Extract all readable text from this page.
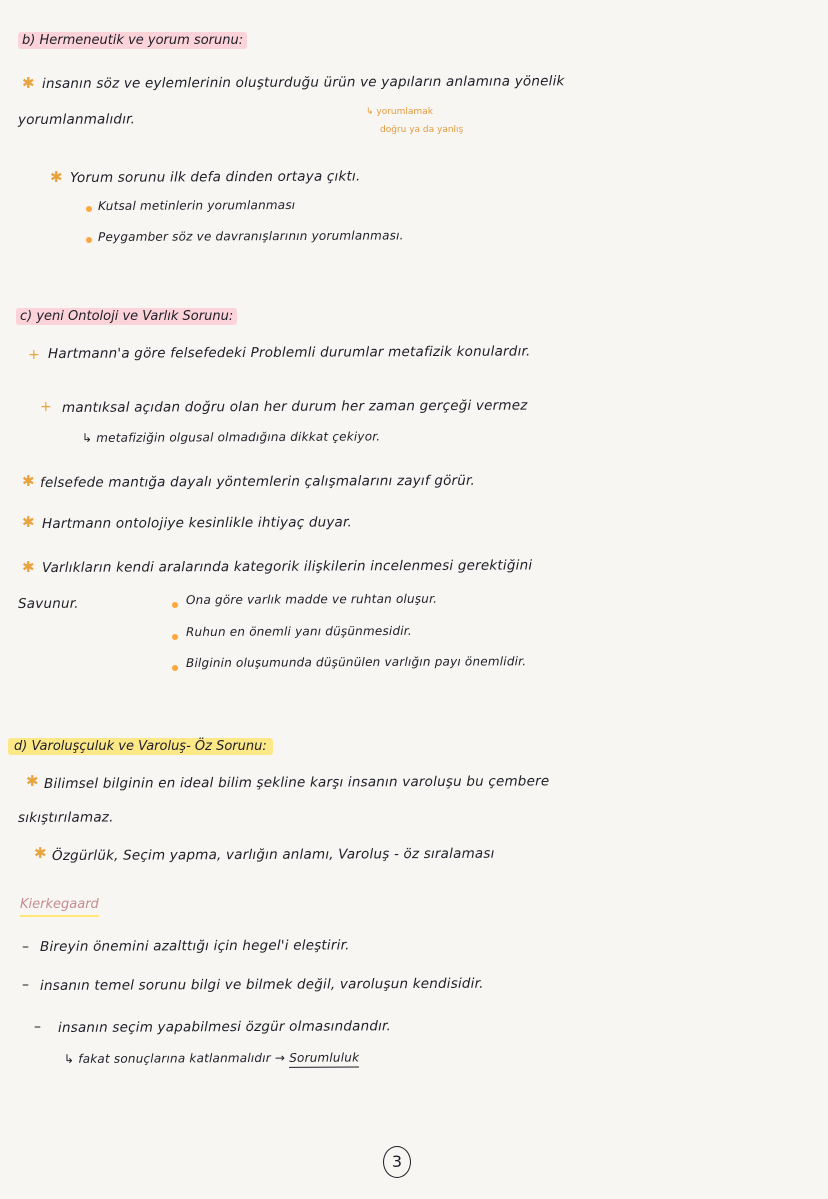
b) Hermeneutik ve yorum sorunu:
✱ insanın söz ve eylemlerinin oluşturduğu ürün ve yapıların anlamına yönelik
yorumlanmalıdır.	↳ yorumlamak
doğru ya da yanlış
✱ Yorum sorunu ilk defa dinden ortaya çıktı.
Kutsal metinlerin yorumlanması
Peygamber söz ve davranışlarının yorumlanması.
c) yeni Ontoloji ve Varlık Sorunu:
+ Hartmann'a göre felsefedeki Problemli durumlar metafizik konulardır.
+ mantıksal açıdan doğru olan her durum her zaman gerçeği vermez
↳ metafiziğin olgusal olmadığına dikkat çekiyor.
✱ felsefede mantığa dayalı yöntemlerin çalışmalarını zayıf görür.
✱ Hartmann ontolojiye kesinlikle ihtiyaç duyar.
✱ Varlıkların kendi aralarında kategorik ilişkilerin incelenmesi gerektiğini
Savunur.	Ona göre varlık madde ve ruhtan oluşur.
Ruhun en önemli yanı düşünmesidir.
Bilginin oluşumunda düşünülen varlığın payı önemlidir.
d) Varoluşçuluk ve Varoluş- Öz Sorunu:
✱ Bilimsel bilginin en ideal bilim şekline karşı insanın varoluşu bu çembere
sıkıştırılamaz.
✱ Özgürlük, Seçim yapma, varlığın anlamı, Varoluş - öz sıralaması
Kierkegaard
– Bireyin önemini azalttığı için hegel'i eleştirir.
– insanın temel sorunu bilgi ve bilmek değil, varoluşun kendisidir.
– insanın seçim yapabilmesi özgür olmasındandır.
↳ fakat sonuçlarına katlanmalıdır → Sorumluluk
3
